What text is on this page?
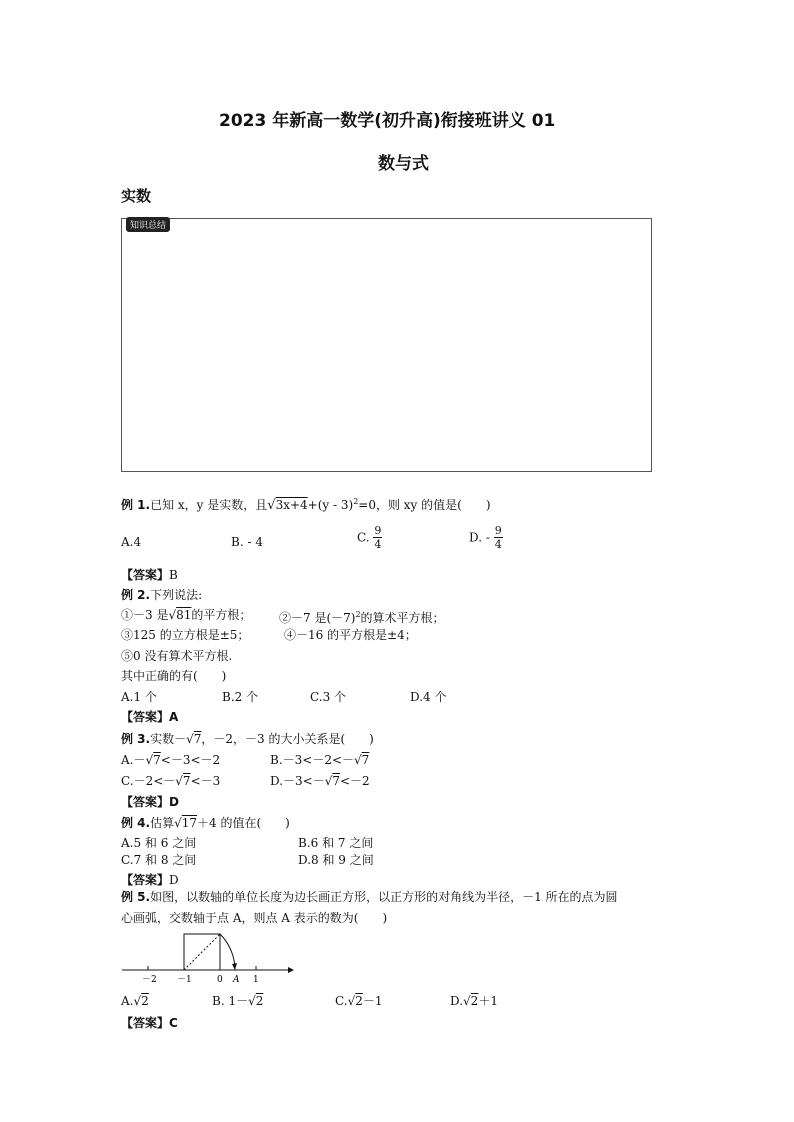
2023 年新高一数学(初升高)衔接班讲义 01
数与式
实数
知识总结
例 1.已知 x，y 是实数，且√3x+4+(y - 3)$^2$=0，则 xy 的值是(　　)
A.4	B. - 4	C. $\frac{9}{4}$	D. - $\frac{9}{4}$
【答案】B
例 2.下列说法:
①－3 是√81的平方根； ②－7 是$(-7)^2$的算术平方根；
③125 的立方根是±5；	④－16 的平方根是±4；
⑤0 没有算术平方根.
其中正确的有(　　)
A.1 个	B.2 个	C.3 个	D.4 个
【答案】A
例 3.实数－√7，－2，－3 的大小关系是(　　)
A.－√7<－3<－2	B.－3<－2<－√7
C.－2<－√7<－3	D.－3<－√7<－2
【答案】D
例 4.估算√17＋4 的值在(　　)
A.5 和 6 之间	B.6 和 7 之间
C.7 和 8 之间	D.8 和 9 之间
【答案】D
例 5.如图，以数轴的单位长度为边长画正方形，以正方形的对角线为半径，－1 所在的点为圆
心画弧，交数轴于点 A，则点 A 表示的数为(　　)
－2 －1	0 A 1
A.√2	B. 1－√2	C.√2－1	D.√2＋1
【答案】C
